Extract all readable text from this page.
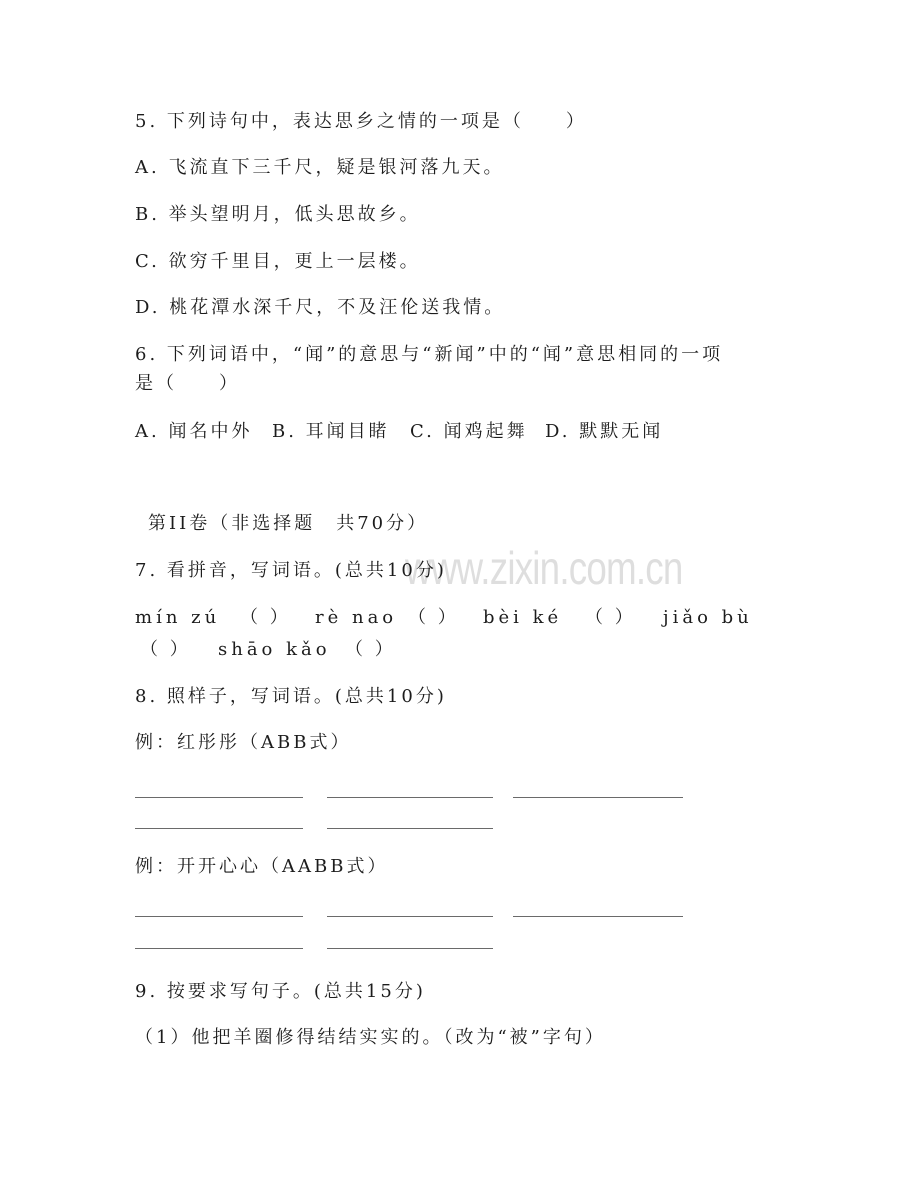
www.zixin.com.cn
5. 下列诗句中，表达思乡之情的一项是（　　）
A. 飞流直下三千尺，疑是银河落九天。
B. 举头望明月，低头思故乡。
C. 欲穷千里目，更上一层楼。
D. 桃花潭水深千尺，不及汪伦送我情。
6. 下列词语中，“闻”的意思与“新闻”中的“闻”意思相同的一项
是（　　）
A. 闻名中外 B. 耳闻目睹 C. 闻鸡起舞 D. 默默无闻
第II卷（非选择题　共70分）
7. 看拼音，写词语。(总共10分)
mín zú （ ） rè nao （ ） bèi ké （ ） jiǎo bù
（ ） shāo kǎo （ ）
8. 照样子，写词语。(总共10分)
例：红彤彤（ABB式）
例：开开心心（AABB式）
9. 按要求写句子。(总共15分)
（1）他把羊圈修得结结实实的。（改为“被”字句）
